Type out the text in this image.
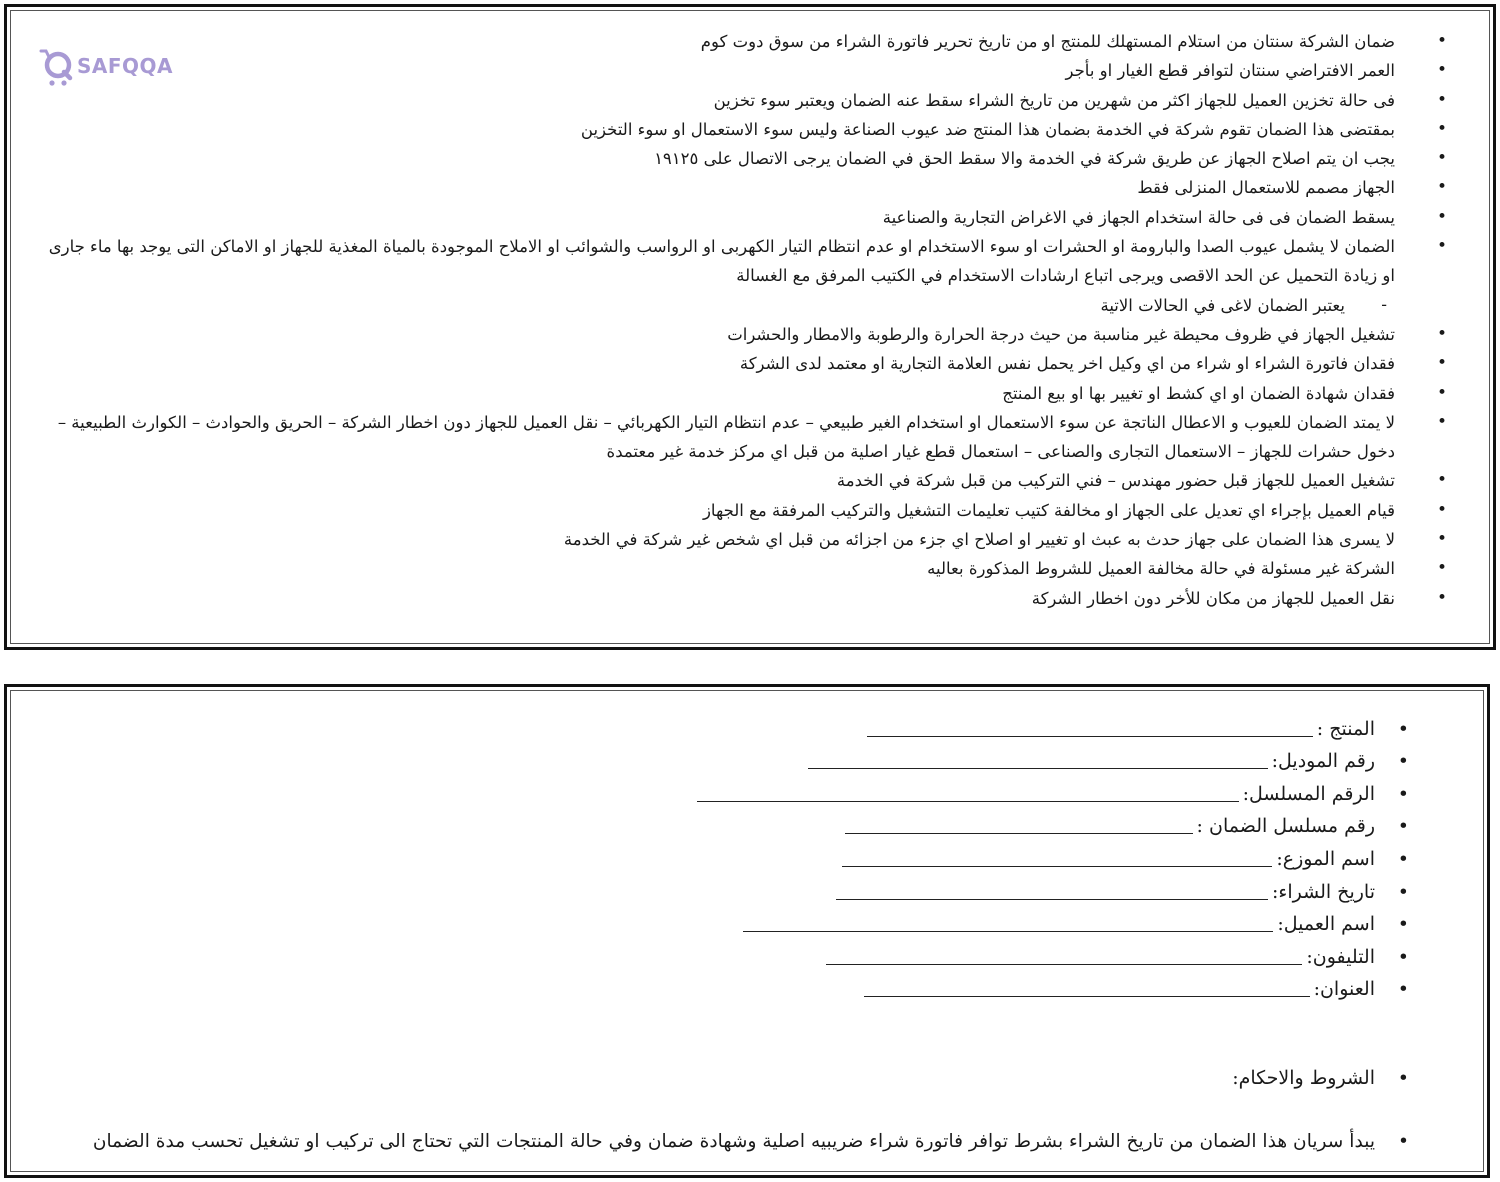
SAFQQA
• ضمان الشركة سنتان من استلام المستهلك للمنتج او من تاريخ تحرير فاتورة الشراء من سوق دوت كوم
• العمر الافتراضي سنتان لتوافر قطع الغيار او بأجر
• فى حالة تخزين العميل للجهاز اكثر من شهرين من تاريخ الشراء سقط عنه الضمان ويعتبر سوء تخزين
• بمقتضى هذا الضمان تقوم شركة في الخدمة بضمان هذا المنتج ضد عيوب الصناعة وليس سوء الاستعمال او سوء التخزين
• يجب ان يتم اصلاح الجهاز عن طريق شركة في الخدمة والا سقط الحق في الضمان يرجى الاتصال على ١٩١٢٥
• الجهاز مصمم للاستعمال المنزلى فقط
• يسقط الضمان فى فى حالة استخدام الجهاز في الاغراض التجارية والصناعية
• الضمان لا يشمل عيوب الصدا والبارومة او الحشرات او سوء الاستخدام او عدم انتظام التيار الكهربى او الرواسب والشوائب او الاملاح الموجودة بالمياة المغذية للجهاز او الاماكن التى يوجد بها ماء جارى او زيادة التحميل عن الحد الاقصى ويرجى اتباع ارشادات الاستخدام في الكتيب المرفق مع الغسالة
- يعتبر الضمان لاغى في الحالات الاتية
• تشغيل الجهاز في ظروف محيطة غير مناسبة من حيث درجة الحرارة والرطوبة والامطار والحشرات
• فقدان فاتورة الشراء او شراء من اي وكيل اخر يحمل نفس العلامة التجارية او معتمد لدى الشركة
• فقدان شهادة الضمان او اي كشط او تغيير بها او بيع المنتج
• لا يمتد الضمان للعيوب و الاعطال الناتجة عن سوء الاستعمال او استخدام الغير طبيعي – عدم انتظام التيار الكهربائي – نقل العميل للجهاز دون اخطار الشركة – الحريق والحوادث – الكوارث الطبيعية – دخول حشرات للجهاز – الاستعمال التجارى والصناعى – استعمال قطع غيار اصلية من قبل اي مركز خدمة غير معتمدة
• تشغيل العميل للجهاز قبل حضور مهندس – فني التركيب من قبل شركة في الخدمة
• قيام العميل بإجراء اي تعديل على الجهاز او مخالفة كتيب تعليمات التشغيل والتركيب المرفقة مع الجهاز
• لا يسرى هذا الضمان على جهاز حدث به عبث او تغيير او اصلاح اي جزء من اجزائه من قبل اي شخص غير شركة في الخدمة
• الشركة غير مسئولة في حالة مخالفة العميل للشروط المذكورة بعاليه
• نقل العميل للجهاز من مكان للأخر دون اخطار الشركة
• المنتج :
• رقم الموديل:
• الرقم المسلسل:
• رقم مسلسل الضمان :
• اسم الموزع:
• تاريخ الشراء:
• اسم العميل:
• التليفون:
• العنوان:
• الشروط والاحكام:
• يبدأ سريان هذا الضمان من تاريخ الشراء بشرط توافر فاتورة شراء ضريبيه اصلية وشهادة ضمان وفي حالة المنتجات التي تحتاج الى تركيب او تشغيل تحسب مدة الضمان
